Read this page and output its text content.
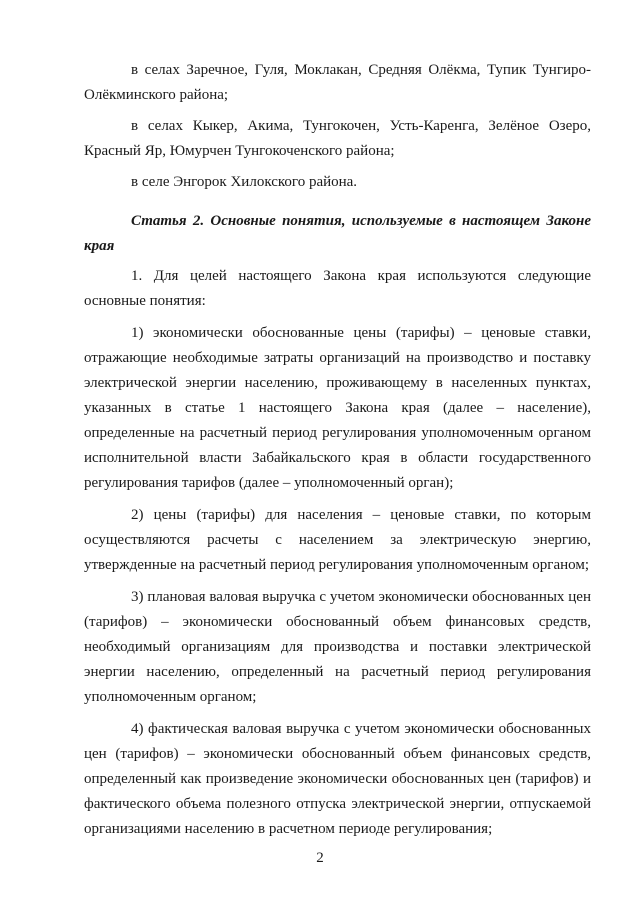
в селах Заречное, Гуля, Моклакан, Средняя Олёкма, Тупик Тунгиро-Олёкминского района;

в селах Кыкер, Акима, Тунгокочен, Усть-Каренга, Зелёное Озеро, Красный Яр, Юмурчен Тунгокоченского района;

в селе Энгорок Хилокского района.

Статья 2. Основные понятия, используемые в настоящем Законе края

1. Для целей настоящего Закона края используются следующие основные понятия:

1) экономически обоснованные цены (тарифы) – ценовые ставки, отражающие необходимые затраты организаций на производство и поставку электрической энергии населению, проживающему в населенных пунктах, указанных в статье 1 настоящего Закона края (далее – население), определенные на расчетный период регулирования уполномоченным органом исполнительной власти Забайкальского края в области государственного регулирования тарифов (далее – уполномоченный орган);

2) цены (тарифы) для населения – ценовые ставки, по которым осуществляются расчеты с населением за электрическую энергию, утвержденные на расчетный период регулирования уполномоченным органом;

3) плановая валовая выручка с учетом экономически обоснованных цен (тарифов) – экономически обоснованный объем финансовых средств, необходимый организациям для производства и поставки электрической энергии населению, определенный на расчетный период регулирования уполномоченным органом;

4) фактическая валовая выручка с учетом экономически обоснованных цен (тарифов) – экономически обоснованный объем финансовых средств, определенный как произведение экономически обоснованных цен (тарифов) и фактического объема полезного отпуска электрической энергии, отпускаемой организациями населению в расчетном периоде регулирования;

2
